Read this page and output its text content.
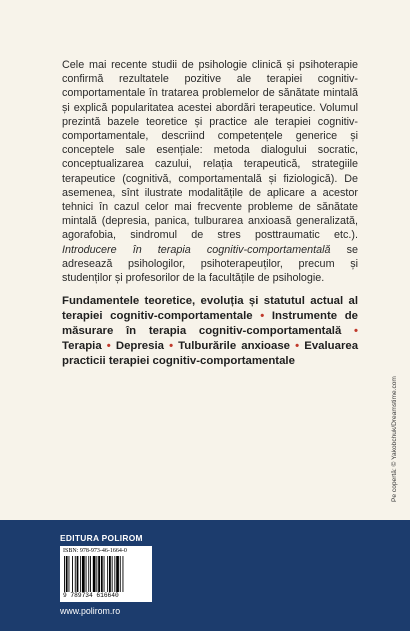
Cele mai recente studii de psihologie clinică și psihoterapie confirmă rezultatele pozitive ale terapiei cognitiv-comportamentale în tratarea problemelor de sănătate mintală și explică popularitatea acestei abordări terapeutice. Volumul prezintă bazele teoretice și practice ale terapiei cognitiv-comportamentale, descriind competențele generice și conceptele sale esențiale: metoda dialogului socratic, conceptualizarea cazului, relația terapeutică, strategiile terapeutice (cognitivă, comportamentală și fiziologică). De asemenea, sînt ilustrate modalitățile de aplicare a acestor tehnici în cazul celor mai frecvente probleme de sănătate mintală (depresia, panica, tulburarea anxioasă generalizată, agorafobia, sindromul de stres posttraumatic etc.). Introducere în terapia cognitiv-comportamentală se adresează psihologilor, psihoterapeuților, precum și studenților și profesorilor de la facultățile de psihologie.

Fundamentele teoretice, evoluția și statutul actual al terapiei cognitiv-comportamentale • Instrumente de măsurare în terapia cognitiv-comportamentală • Terapia • Depresia • Tulburările anxioase • Evaluarea practicii terapiei cognitiv-comportamentale

Pe copertă: © Yakobchuk/Dreamstime.com

EDITURA POLIROM

ISBN: 978-973-46-1664-0
9 789734 616640

www.polirom.ro
